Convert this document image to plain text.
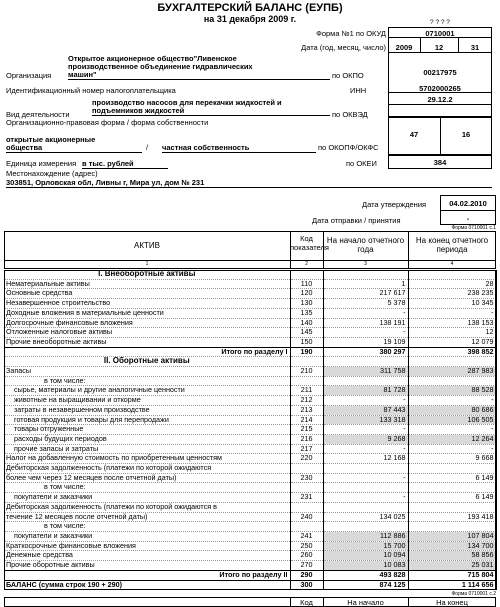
БУХГАЛТЕРСКИЙ БАЛАНС (ЕУПБ)
на 31 декабря 2009 г.	? ? ? ?
Форма №1 по ОКУД	0710001
Дата (год, месяц, число)	2009	12	31
Организация
Открытое акционерное общество"Ливенское
производственное объединение гидравлических
машин"	по ОКПО	00217975
Идентификационный номер налогоплательщика	ИНН	5702000265
Вид деятельности
производство насосов для перекачки жидкостей и
подъемников жидкостей	по ОКВЭД
29.12.2
Организационно-правовая форма / форма собственности
открытые акционерные
общества	/ частная собственность	по ОКОПФ/ОКФС
47	16
Единица измерения в тыс. рублей	по ОКЕИ	384
Местонахождение (адрес)
303851, Орловская обл, Ливны г, Мира ул, дом № 231
Дата утверждения	04.02.2010
Дата отправки / принятия	-
Форма 0710001 с.1
АКТИВ
Код показателя
На начало отчетного года
На конец отчетного периода
1	2	3	4
I. Внеоборотные активы			
Нематериальные активы	110	1	28
Основные средства	120	217 617	238 235
Незавершенное строительство	130	5 378	10 345
Доходные вложения в материальные ценности	135	-	-
Долгосрочные финансовые вложения	140	138 191	138 153
Отложенные налоговые активы	145	-	12
Прочие внеоборотные активы	150	19 109	12 079
Итого по разделу I	190	380 297	398 852
II. Оборотные активы			
Запасы	210	311 758	287 983
в том числе:			
сырье, материалы и другие аналогичные ценности	211	81 728	88 528
животные на выращивании и откорме	212	-	-
затраты в незавершенном производстве	213	87 443	80 686
готовая продукция и товары для перепродажи	214	133 318	106 505
товары отгруженные	215	-	-
расходы будущих периодов	216	9 268	12 264
прочие запасы и затраты	217	-	-
Налог на добавленную стоимость по приобретенным ценностям	220	12 168	9 668
Дебиторская задолженность (платежи по которой ожидаются			
более чем через 12 месяцев после отчетной даты)	230	-	6 149
в том числе:			
покупатели и заказчики	231	-	6 149
Дебиторская задолженность (платежи по которой ожидаются в			
течение 12 месяцев после отчетной даты)	240	134 025	193 418
в том числе:			
покупатели и заказчики	241	112 886	107 804
Краткосрочные финансовые вложения	250	15 700	134 700
Денежные средства	260	10 094	58 856
Прочие оборотные активы	270	10 083	25 031
Итого по разделу II	290	493 828	715 804
БАЛАНС (сумма строк 190 + 290)	300	874 125	1 114 656
Форма 0710001 с.2
Код	На начало	На конец
